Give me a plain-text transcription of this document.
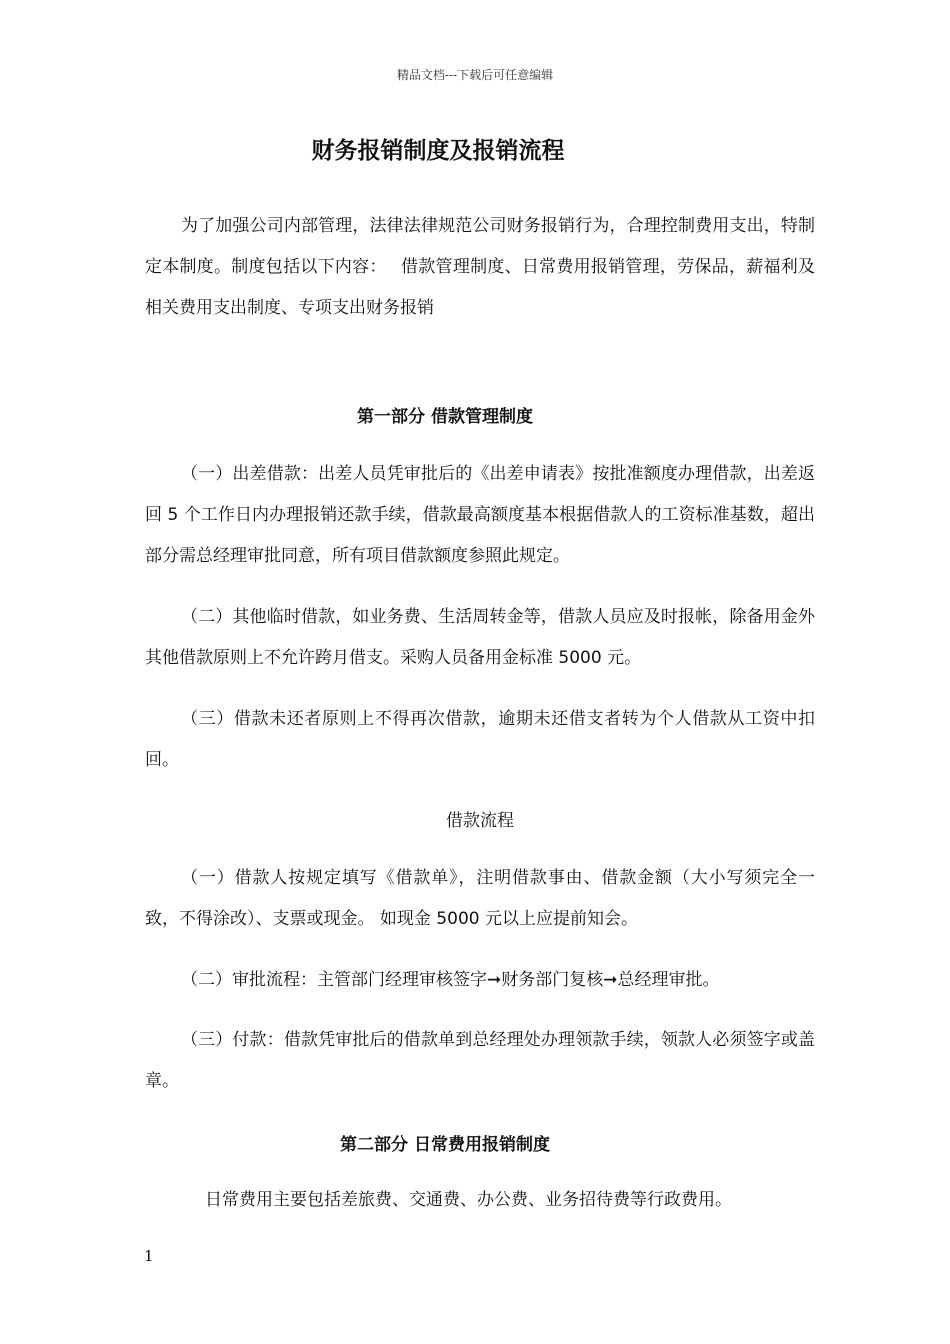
精品文档---下载后可任意编辑
财务报销制度及报销流程

为了加强公司内部管理，法律法律规范公司财务报销行为，合理控制费用支出，特制定本制度。制度包括以下内容：　 借款管理制度、日常费用报销管理，劳保品，薪福利及相关费用支出制度、专项支出财务报销

第一部分 借款管理制度

（一）出差借款：出差人员凭审批后的《出差申请表》按批准额度办理借款，出差返回 5 个工作日内办理报销还款手续，借款最高额度基本根据借款人的工资标准基数，超出部分需总经理审批同意，所有项目借款额度参照此规定。

（二）其他临时借款，如业务费、生活周转金等，借款人员应及时报帐，除备用金外其他借款原则上不允许跨月借支。采购人员备用金标准 5000 元。

（三）借款未还者原则上不得再次借款，逾期未还借支者转为个人借款从工资中扣回。

借款流程

（一）借款人按规定填写《借款单》，注明借款事由、借款金额（大小写须完全一致，不得涂改）、支票或现金。 如现金 5000 元以上应提前知会。

（二）审批流程：主管部门经理审核签字➞财务部门复核➞总经理审批。

（三）付款：借款凭审批后的借款单到总经理处办理领款手续，领款人必须签字或盖章。

第二部分 日常费用报销制度

日常费用主要包括差旅费、交通费、办公费、业务招待费等行政费用。

1
